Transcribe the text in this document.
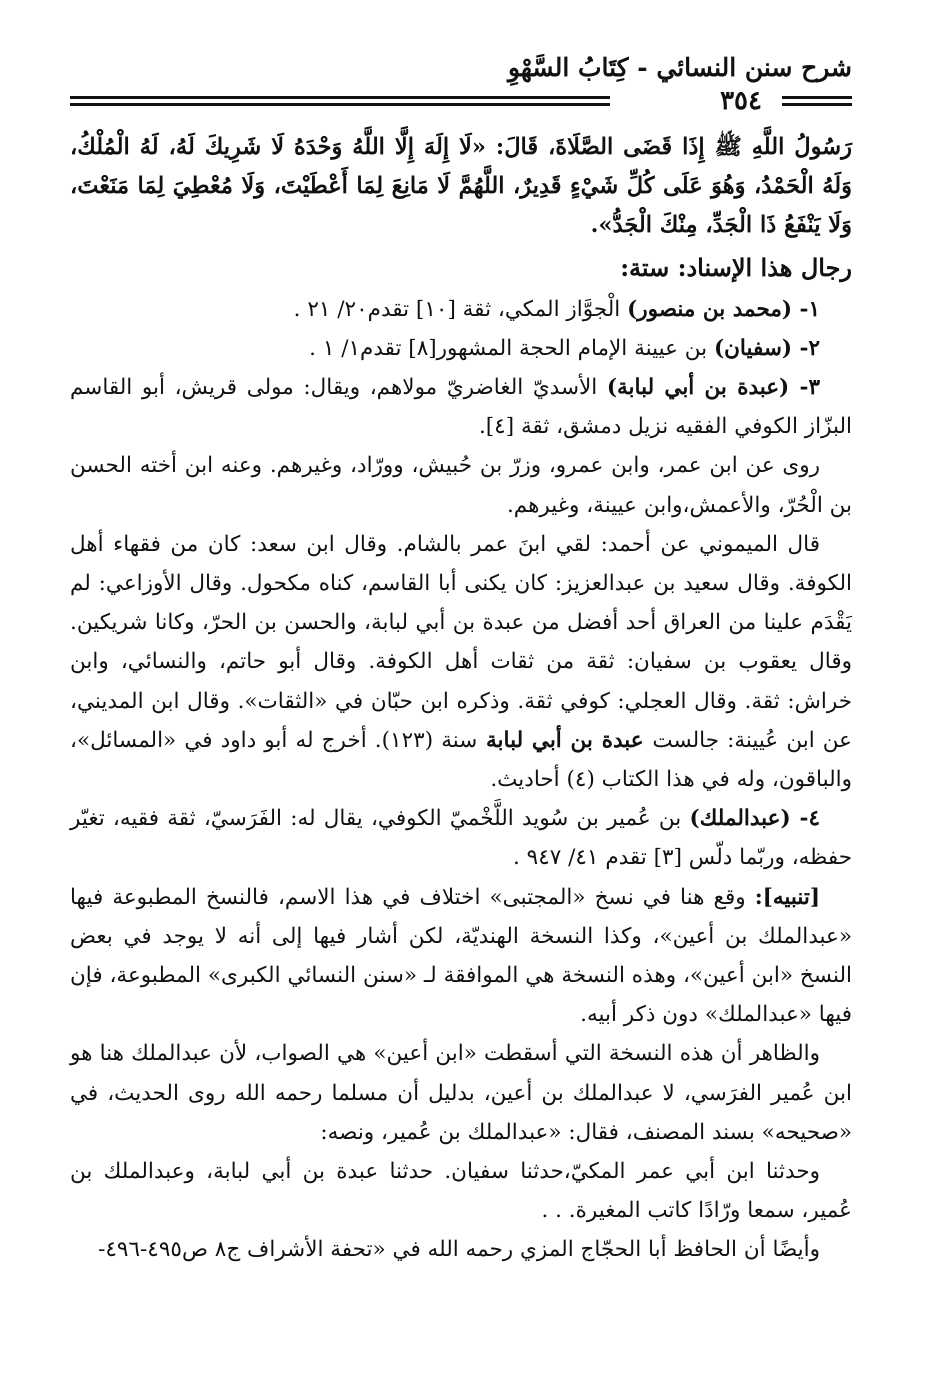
شرح سنن النسائي - كِتَابُ السَّهْوِ
٣٥٤

رَسُولُ اللَّهِ ﷺ إِذَا قَضَى الصَّلَاةَ، قَالَ: «لَا إِلَهَ إِلَّا اللَّهُ وَحْدَهُ لَا شَرِيكَ لَهُ، لَهُ الْمُلْكُ، وَلَهُ الْحَمْدُ، وَهُوَ عَلَى كُلِّ شَيْءٍ قَدِيرٌ، اللَّهُمَّ لَا مَانِعَ لِمَا أَعْطَيْتَ، وَلَا مُعْطِيَ لِمَا مَنَعْتَ، وَلَا يَنْفَعُ ذَا الْجَدِّ، مِنْكَ الْجَدُّ».

رجال هذا الإسناد: ستة:

١- (محمد بن منصور) الْجوَّاز المكي، ثقة [١٠] تقدم٢٠/ ٢١ .

٢- (سفيان) بن عيينة الإمام الحجة المشهور[٨] تقدم١/ ١ .

٣- (عبدة بن أبي لبابة) الأسديّ الغاضريّ مولاهم، ويقال: مولى قريش، أبو القاسم البزّاز الكوفي الفقيه نزيل دمشق، ثقة [٤].

روى عن ابن عمر، وابن عمرو، وزرّ بن حُبيش، وورّاد، وغيرهم. وعنه ابن أخته الحسن بن الْحُرّ، والأعمش،وابن عيينة، وغيرهم.

قال الميموني عن أحمد: لقي ابنَ عمر بالشام. وقال ابن سعد: كان من فقهاء أهل الكوفة. وقال سعيد بن عبدالعزيز: كان يكنى أبا القاسم، كناه مكحول. وقال الأوزاعي: لم يَقْدَم علينا من العراق أحد أفضل من عبدة بن أبي لبابة، والحسن بن الحرّ، وكانا شريكين. وقال يعقوب بن سفيان: ثقة من ثقات أهل الكوفة. وقال أبو حاتم، والنسائي، وابن خراش: ثقة. وقال العجلي: كوفي ثقة. وذكره ابن حبّان في «الثقات». وقال ابن المديني، عن ابن عُيينة: جالست عبدة بن أبي لبابة سنة (١٢٣). أخرج له أبو داود في «المسائل»، والباقون، وله في هذا الكتاب (٤) أحاديث.

٤- (عبدالملك) بن عُمير بن سُويد اللَّخْميّ الكوفي، يقال له: الفَرَسيّ، ثقة فقيه، تغيّر حفظه، وربّما دلّس [٣] تقدم ٤١/ ٩٤٧ .

[تنبيه]: وقع هنا في نسخ «المجتبى» اختلاف في هذا الاسم، فالنسخ المطبوعة فيها «عبدالملك بن أعين»، وكذا النسخة الهنديّة، لكن أشار فيها إلى أنه لا يوجد في بعض النسخ «ابن أعين»، وهذه النسخة هي الموافقة لـ «سنن النسائي الكبرى» المطبوعة، فإن فيها «عبدالملك» دون ذكر أبيه.

والظاهر أن هذه النسخة التي أسقطت «ابن أعين» هي الصواب، لأن عبدالملك هنا هو ابن عُمير الفرَسي، لا عبدالملك بن أعين، بدليل أن مسلما رحمه الله روى الحديث، في «صحيحه» بسند المصنف، فقال: «عبدالملك بن عُمير، ونصه:

وحدثنا ابن أبي عمر المكيّ،حدثنا سفيان. حدثنا عبدة بن أبي لبابة، وعبدالملك بن عُمير، سمعا ورّادًا كاتب المغيرة. . .

وأيضًا أن الحافظ أبا الحجّاج المزي رحمه الله في «تحفة الأشراف ج٨ ص٤٩٥-٤٩٦-
